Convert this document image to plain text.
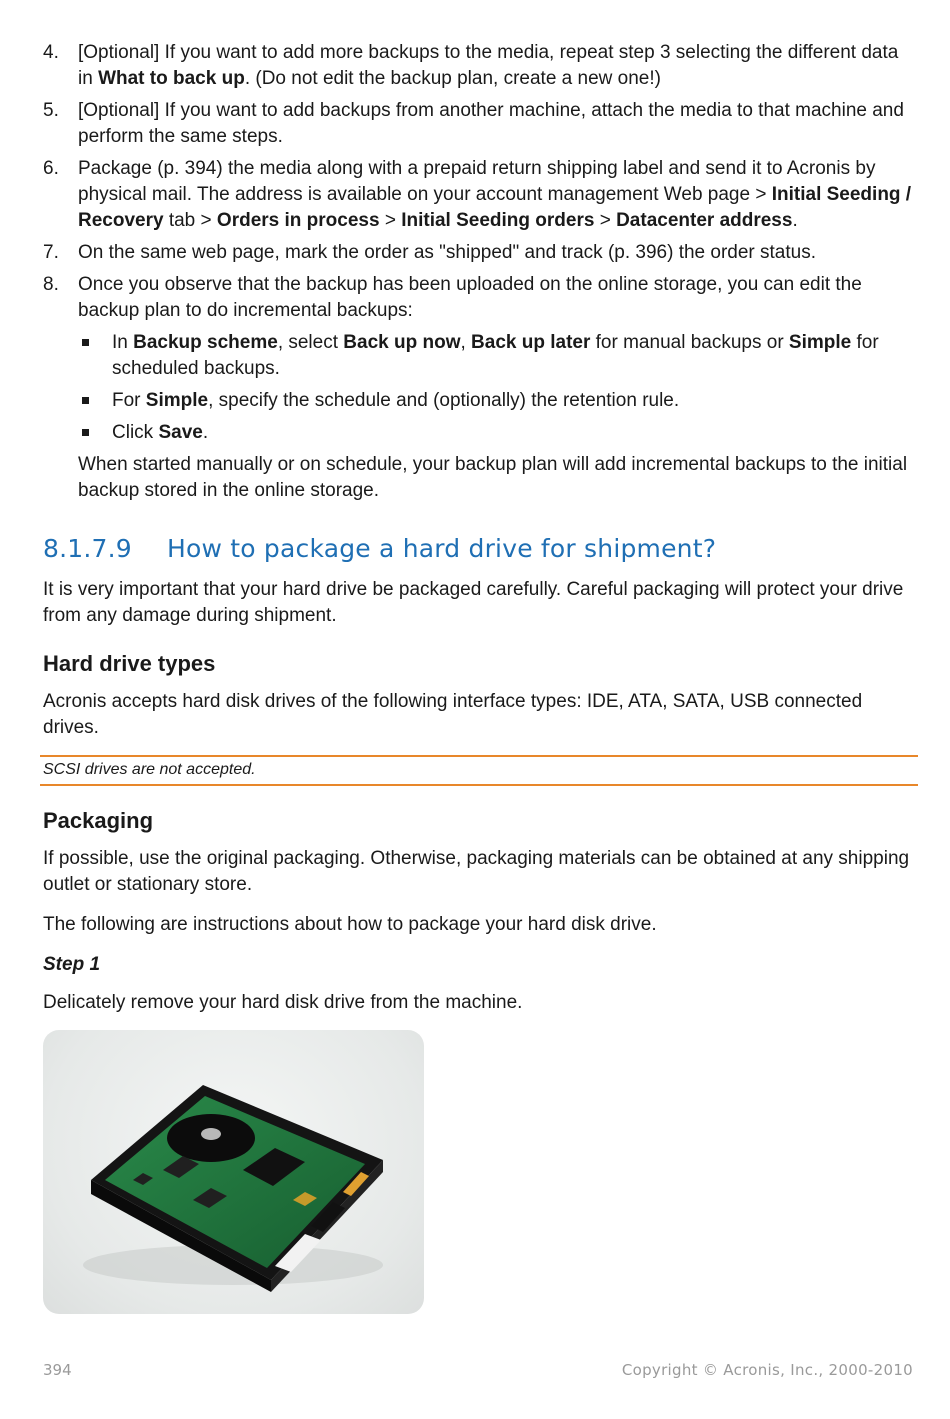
4. [Optional] If you want to add more backups to the media, repeat step 3 selecting the different data in What to back up. (Do not edit the backup plan, create a new one!)
5. [Optional] If you want to add backups from another machine, attach the media to that machine and perform the same steps.
6. Package (p. 394) the media along with a prepaid return shipping label and send it to Acronis by physical mail. The address is available on your account management Web page > Initial Seeding / Recovery tab > Orders in process > Initial Seeding orders > Datacenter address.
7. On the same web page, mark the order as "shipped" and track (p. 396) the order status.
8. Once you observe that the backup has been uploaded on the online storage, you can edit the backup plan to do incremental backups:
In Backup scheme, select Back up now, Back up later for manual backups or Simple for scheduled backups.
For Simple, specify the schedule and (optionally) the retention rule.
Click Save.
When started manually or on schedule, your backup plan will add incremental backups to the initial backup stored in the online storage.
8.1.7.9 How to package a hard drive for shipment?

It is very important that your hard drive be packaged carefully. Careful packaging will protect your drive from any damage during shipment.

Hard drive types

Acronis accepts hard disk drives of the following interface types: IDE, ATA, SATA, USB connected drives.

SCSI drives are not accepted.
Packaging

If possible, use the original packaging. Otherwise, packaging materials can be obtained at any shipping outlet or stationary store.

The following are instructions about how to package your hard disk drive.

Step 1

Delicately remove your hard disk drive from the machine.

394	Copyright © Acronis, Inc., 2000-2010
